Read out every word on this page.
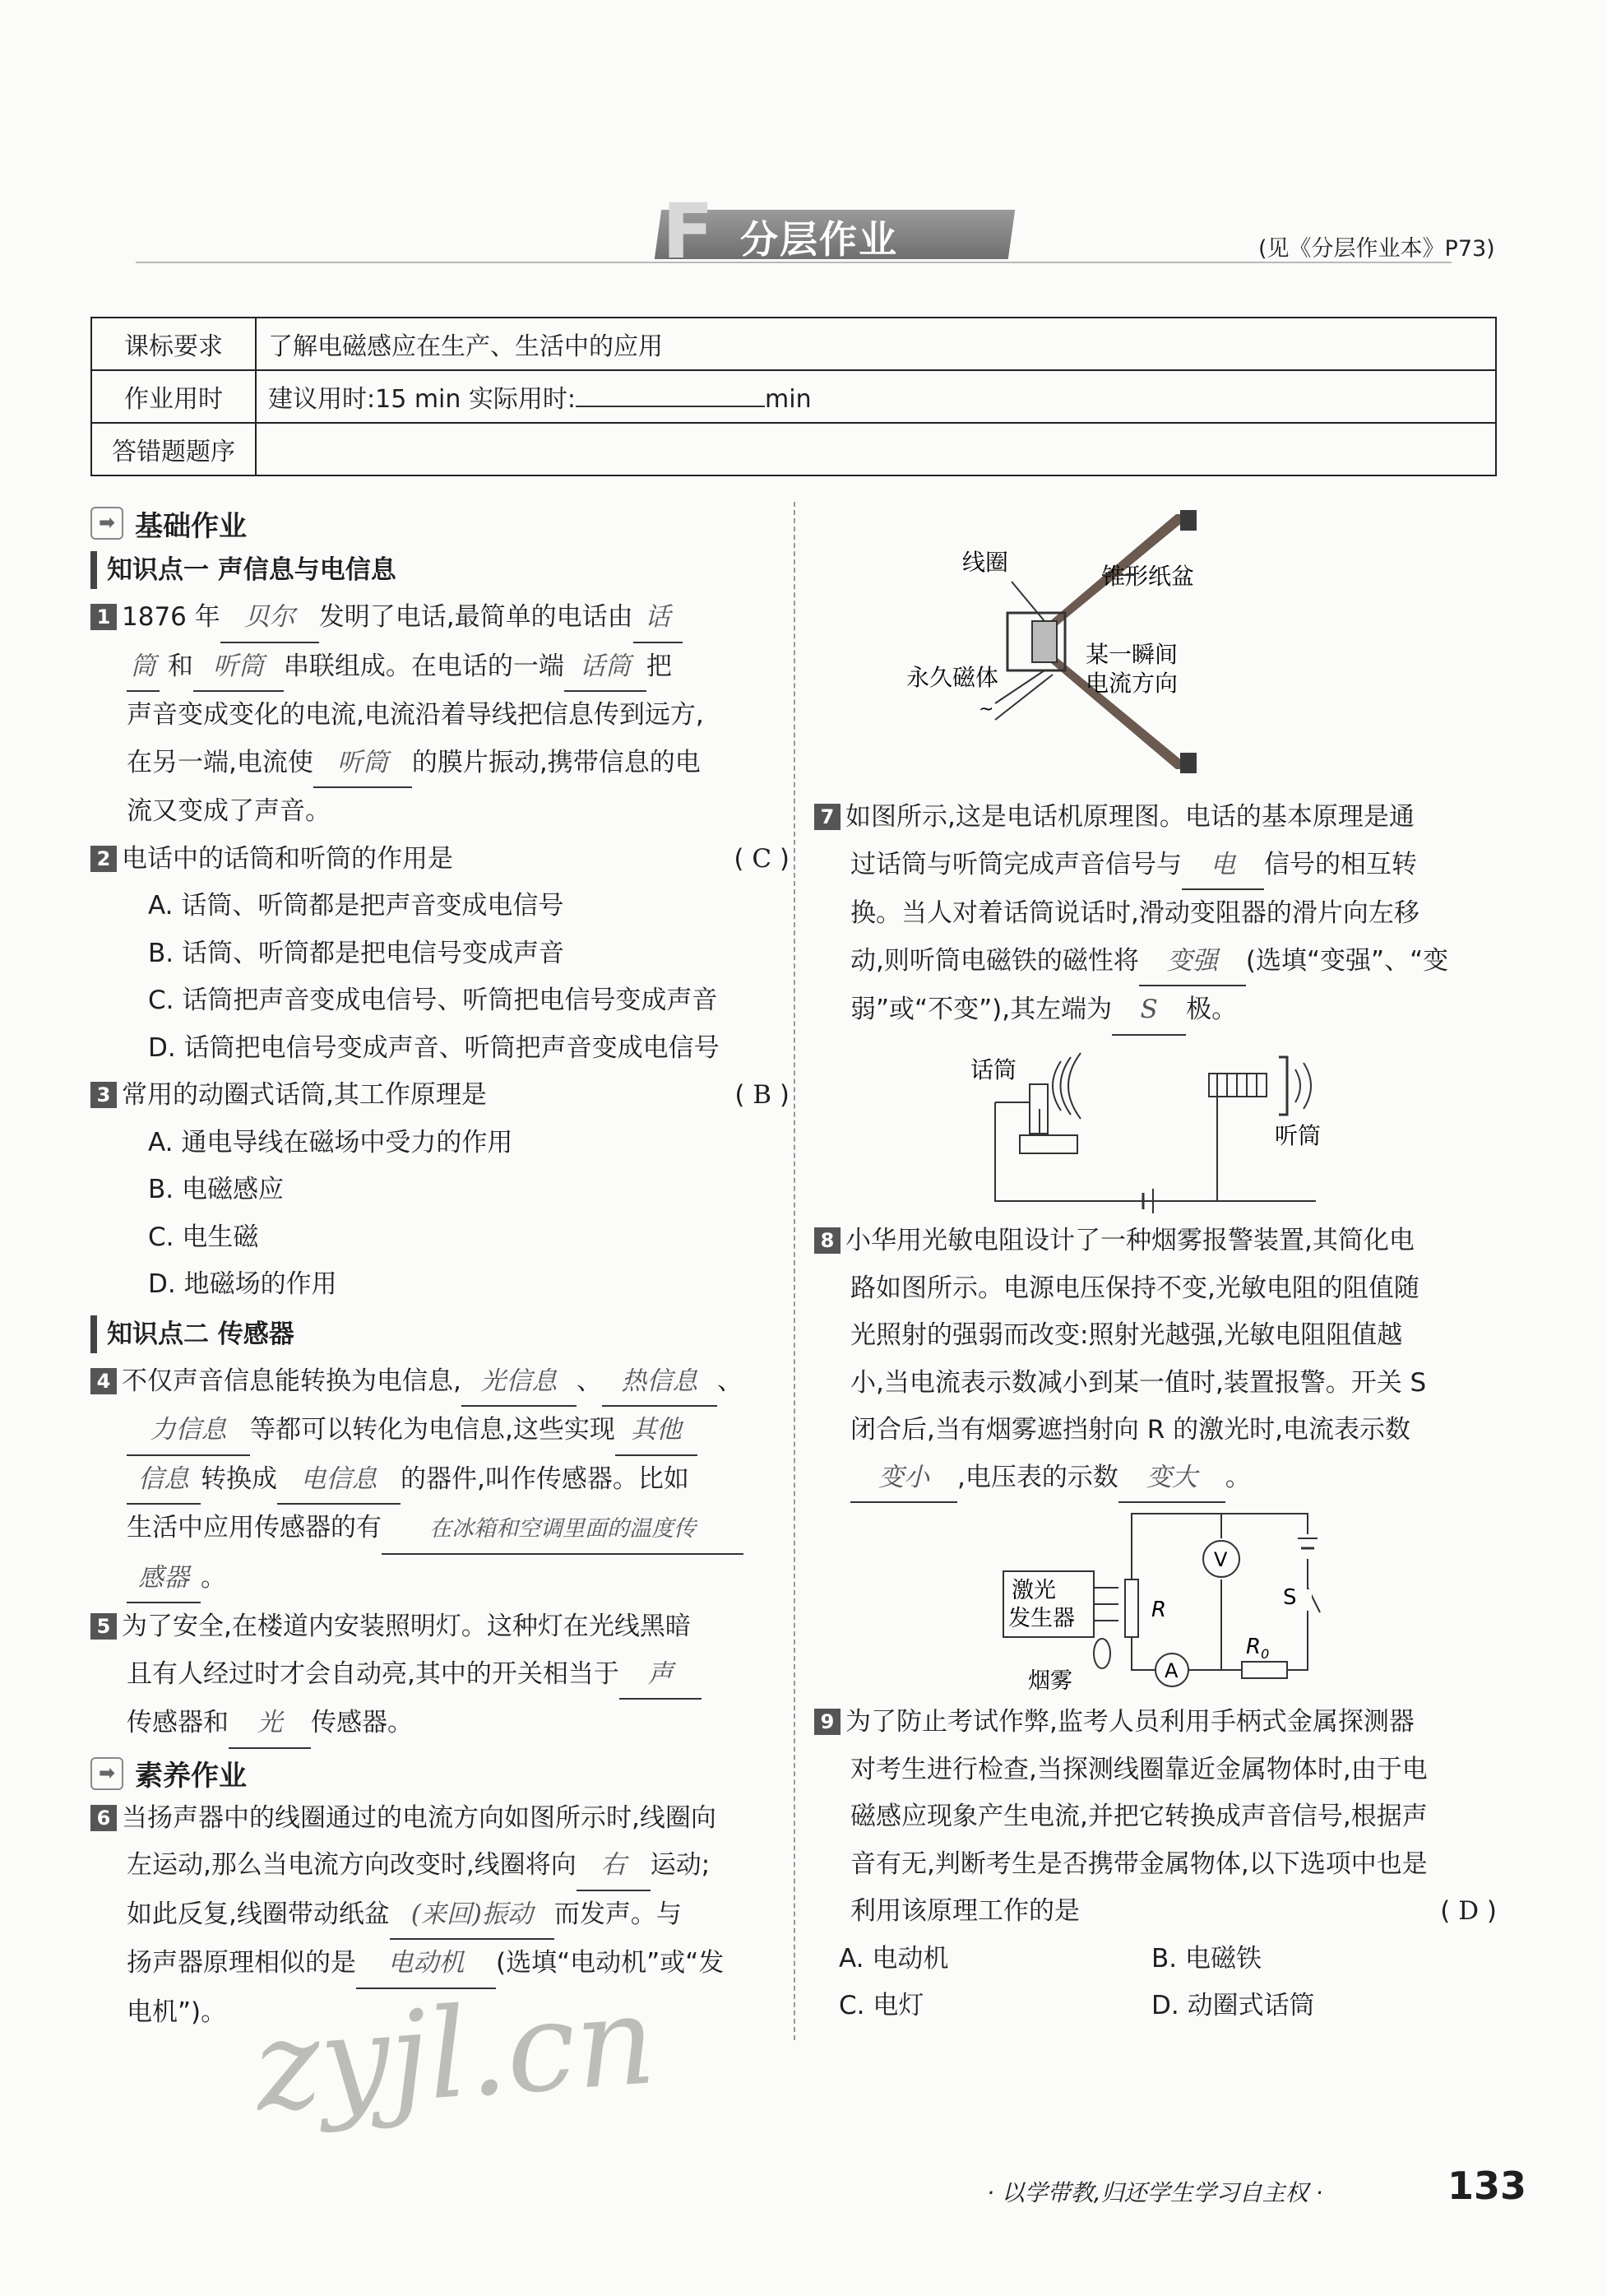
F 分层作业	(见《分层作业本》P73)
课标要求	了解电磁感应在生产、生活中的应用
作业用时	建议用时:15 min 实际用时: min
答错题题序	
➡ 基础作业
知识点一 声信息与电信息
1 1876 年 贝尔 发明了电话,最简单的电话由 话
筒 和 听筒 串联组成。在电话的一端 话筒 把
声音变成变化的电流,电流沿着导线把信息传到远方,
在另一端,电流使 听筒 的膜片振动,携带信息的电
流又变成了声音。
2 电话中的话筒和听筒的作用是	( C )
A. 话筒、听筒都是把声音变成电信号
B. 话筒、听筒都是把电信号变成声音
C. 话筒把声音变成电信号、听筒把电信号变成声音
D. 话筒把电信号变成声音、听筒把声音变成电信号
3 常用的动圈式话筒,其工作原理是	( B )
A. 通电导线在磁场中受力的作用
B. 电磁感应
C. 电生磁
D. 地磁场的作用
知识点二 传感器
4 不仅声音信息能转换为电信息, 光信息 、 热信息 、
力信息 等都可以转化为电信息,这些实现 其他
信息 转换成 电信息 的器件,叫作传感器。比如
生活中应用传感器的有 在冰箱和空调里面的温度传
感器 。
5 为了安全,在楼道内安装照明灯。这种灯在光线黑暗
且有人经过时才会自动亮,其中的开关相当于 声
传感器和 光 传感器。
➡ 素养作业
6 当扬声器中的线圈通过的电流方向如图所示时,线圈向
左运动,那么当电流方向改变时,线圈将向 右 运动;
如此反复,线圈带动纸盆 (来回)振动 而发声。与
扬声器原理相似的是 电动机 (选填“电动机”或“发
电机”)。
~
线圈
锥形纸盆
永久磁体
某一瞬间
电流方向
7 如图所示,这是电话机原理图。电话的基本原理是通
过话筒与听筒完成声音信号与 电 信号的相互转
换。当人对着话筒说话时,滑动变阻器的滑片向左移
动,则听筒电磁铁的磁性将 变强 (选填“变强”、“变
弱”或“不变”),其左端为 S 极。
话筒
听筒
8 小华用光敏电阻设计了一种烟雾报警装置,其简化电
路如图所示。电源电压保持不变,光敏电阻的阻值随
光照射的强弱而改变:照射光越强,光敏电阻阻值越
小,当电流表示数减小到某一值时,装置报警。开关 S
闭合后,当有烟雾遮挡射向 R 的激光时,电流表示数
变小 ,电压表的示数 变大 。
激光
发生器	R
烟雾
V
A
$R_0$
S
9 为了防止考试作弊,监考人员利用手柄式金属探测器
对考生进行检查,当探测线圈靠近金属物体时,由于电
磁感应现象产生电流,并把它转换成声音信号,根据声
音有无,判断考生是否携带金属物体,以下选项中也是
利用该原理工作的是	( D )
A. 电动机	B. 电磁铁
C. 电灯	D. 动圈式话筒
zyjl.cn
· 以学带教,归还学生学习自主权 ·	133
